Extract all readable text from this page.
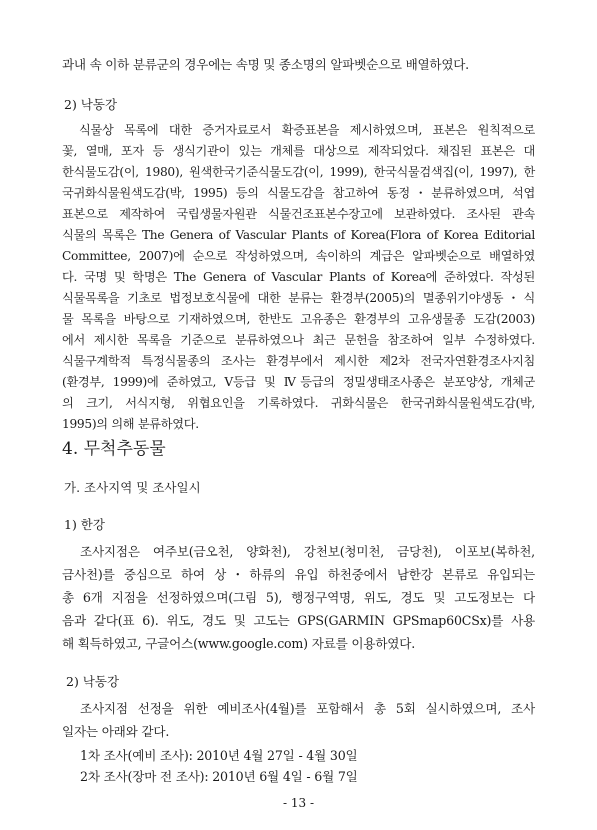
과내 속 이하 분류군의 경우에는 속명 및 종소명의 알파벳순으로 배열하였다.

2) 낙동강

식물상 목록에 대한 증거자료로서 확증표본을 제시하였으며, 표본은 원칙적으로

꽃, 열매, 포자 등 생식기관이 있는 개체를 대상으로 제작되었다. 채집된 표본은 대

한식물도감(이, 1980), 원색한국기준식물도감(이, 1999), 한국식물검색집(이, 1997), 한

국귀화식물원색도감(박, 1995) 등의 식물도감을 참고하여 동정・분류하였으며, 석엽

표본으로 제작하여 국립생물자원관 식물건조표본수장고에 보관하였다. 조사된 관속

식물의 목록은 The Genera of Vascular Plants of Korea(Flora of Korea Editorial

Committee, 2007)에 순으로 작성하였으며, 속이하의 계급은 알파벳순으로 배열하였

다. 국명 및 학명은 The Genera of Vascular Plants of Korea에 준하였다. 작성된

식물목록을 기초로 법정보호식물에 대한 분류는 환경부(2005)의 멸종위기야생동・식

물 목록을 바탕으로 기재하였으며, 한반도 고유종은 환경부의 고유생물종 도감(2003)

에서 제시한 목록을 기준으로 분류하였으나 최근 문헌을 참조하여 일부 수정하였다.

식물구계학적 특정식물종의 조사는 환경부에서 제시한 제2차 전국자연환경조사지침

(환경부, 1999)에 준하였고, V등급 및 Ⅳ등급의 정밀생태조사종은 분포양상, 개체군

의 크기, 서식지형, 위협요인을 기록하였다. 귀화식물은 한국귀화식물원색도감(박,

1995)의 의해 분류하였다.

4. 무척추동물

가. 조사지역 및 조사일시

1) 한강

조사지점은 여주보(금오천, 양화천), 강천보(청미천, 금당천), 이포보(복하천,

금사천)를 중심으로 하여 상・하류의 유입 하천중에서 남한강 본류로 유입되는

총 6개 지점을 선정하였으며(그림 5), 행정구역명, 위도, 경도 및 고도정보는 다

음과 같다(표 6). 위도, 경도 및 고도는 GPS(GARMIN GPSmap60CSx)를 사용

해 획득하였고, 구글어스(www.google.com) 자료를 이용하였다.

2) 낙동강

조사지점 선정을 위한 예비조사(4월)를 포함해서 총 5회 실시하였으며, 조사

일자는 아래와 같다.

1차 조사(예비 조사): 2010년 4월 27일 - 4월 30일

2차 조사(장마 전 조사): 2010년 6월 4일 - 6월 7일

- 13 -
